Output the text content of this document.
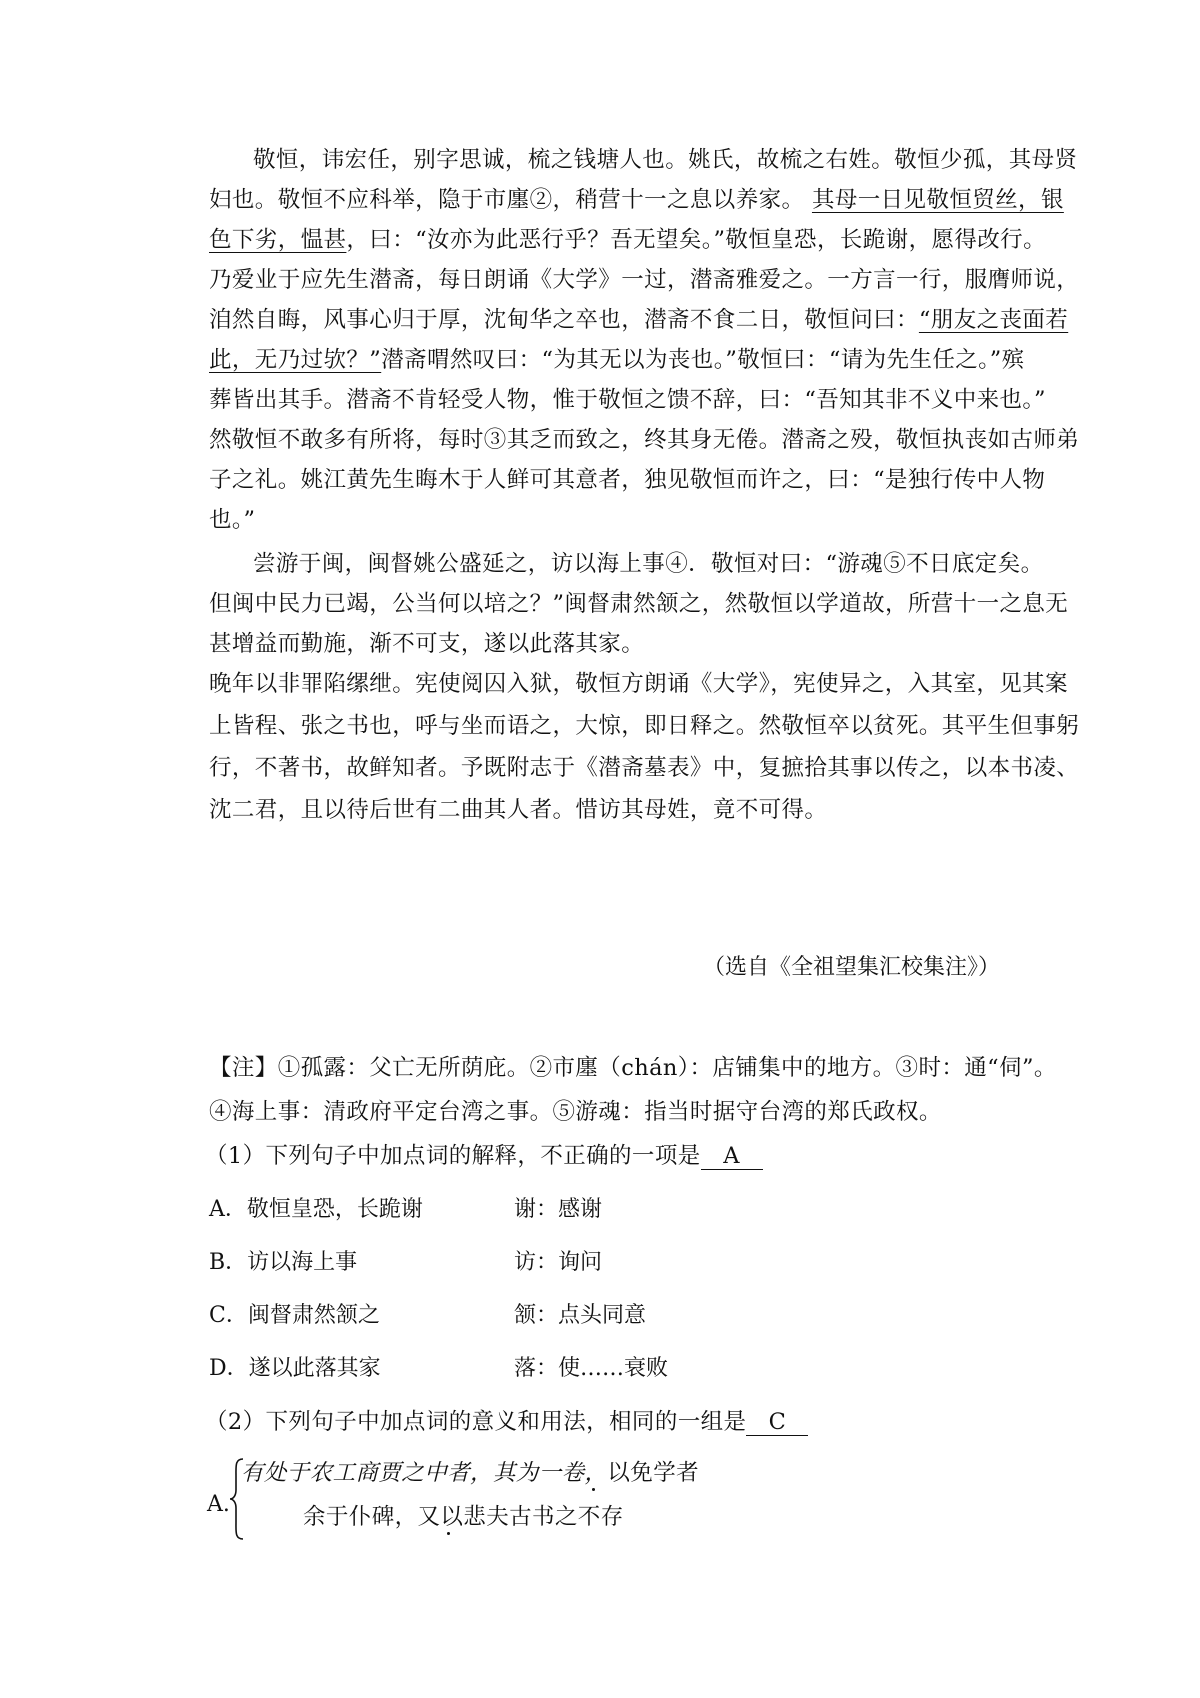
敬恒，讳宏任，别字思诚，梳之钱塘人也。姚氏，故梳之右姓。敬恒少孤，其母贤
妇也。敬恒不应科举，隐于市廛②，稍营十一之息以养家。 其母一日见敬恒贸丝，银
色下劣，愠甚，曰：“汝亦为此恶行乎？吾无望矣。”敬恒皇恐，长跪谢，愿得改行。
乃爱业于应先生潜斋，每日朗诵《大学》一过，潜斋雅爱之。一方言一行，服膺师说，
洎然自晦，风事心归于厚，沈甸华之卒也，潜斋不食二日，敬恒问曰：“朋友之丧面若
此，无乃过欤？”潜斋喟然叹曰：“为其无以为丧也。”敬恒曰：“请为先生任之。”殡
葬皆出其手。潜斋不肯轻受人物，惟于敬恒之馈不辞，曰：“吾知其非不义中来也。”
然敬恒不敢多有所将，每时③其乏而致之，终其身无倦。潜斋之殁，敬恒执丧如古师弟
子之礼。姚江黄先生晦木于人鲜可其意者，独见敬恒而许之，曰：“是独行传中人物
也。”
尝游于闽，闽督姚公盛延之，访以海上事④．敬恒对曰：“游魂⑤不日底定矣。
但闽中民力已竭，公当何以培之？”闽督肃然颔之，然敬恒以学道故，所营十一之息无
甚增益而勤施，渐不可支，遂以此落其家。
晚年以非罪陷缧绁。宪使阅囚入狱，敬恒方朗诵《大学》，宪使异之，入其室，见其案
上皆程、张之书也，呼与坐而语之，大惊，即日释之。然敬恒卒以贫死。其平生但事躬
行，不著书，故鲜知者。予既附志于《潜斋墓表》中，复摭拾其事以传之，以本书凌、
沈二君，且以待后世有二曲其人者。惜访其母姓，竟不可得。
（选自《全祖望集汇校集注》）
【注】①孤露：父亡无所荫庇。②市廛（chán）：店铺集中的地方。③时：通“伺”。
④海上事：清政府平定台湾之事。⑤游魂：指当时据守台湾的郑氏政权。
（1）下列句子中加点词的解释，不正确的一项是 A
A．敬恒皇恐，长跪谢	谢：感谢
B．访以海上事	访：询问
C．闽督肃然颔之	颔：点头同意
D．遂以此落其家	落：使……衰败
（2）下列句子中加点词的意义和用法，相同的一组是 C
A.
有处于农工商贾之中者，其为一卷，以免学者
余于仆碑，又以悲夫古书之不存
